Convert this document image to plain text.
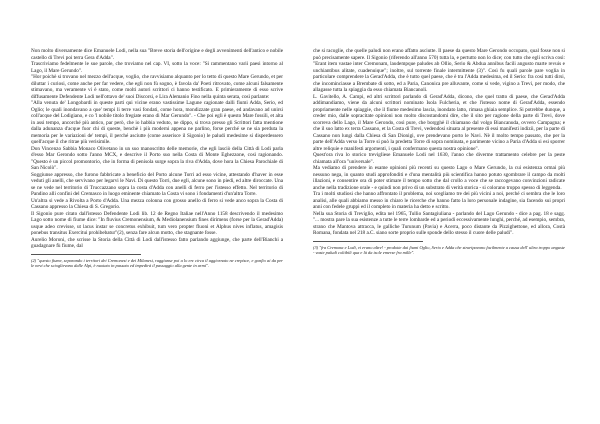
Non molto diversamente dice Emanuele Lodi, nella sua "Breve storia dell'origine e degli avvenimenti dell'antico e nobile castello di Trevi poi terra Gera d'Adda".

Trascriviamo fedelmente le sue parole, che troviamo nel cap. VI, sotto la voce: "Si rammentano varii paesi intorno al Lago, il Mare Gerundo".

"Hor poichè si trovano nel mezzo dell'acque, voglio, che ravvisiamo alquanto per lo tetto di questo Mare Gerundo, et per diluttar i curiosi, come anche per far vedere, che egli non fù sogno, è favola da' Poeti ritrovato, come alcuni falsamente stimavano, ma veramente vi è stato, come molti autori scrittori ci hanno testificato. E primieramente di esso scrive diffusamente Defendente Lodi nell'ottavo de' suoi Discorsi, e Lira Alemanio Fino nella quinta serata, così parlante:

"Alla venuta de' Longobardi in queste parti qui vicine erano vastissime Lagune cagionate dalli fiumi Adda, Serio, ed Oglio; le quali inondavano a que' tempi li terre vasi fondati, come hora, mondizzate gran paese, ed andavano ad unirsi coll'acque del Lodigiano, e co 'l nobile titolo fregiate erano di Mar Gerundo". - Che poi egli è questo Mare fossili, et alta in assi tempo, ancorché più antico, par però, che io habbia veduto, ne dippo, si trova presso gli Scrittori fatta mentione dalla adunanza d'acque fuor chi di queste, benchè i più moderni appena ne parlino, forse perché se ne sia perduta la memoria per le variazioni de' tempi, il perché asciutte (come asserisce il Sigonio) le paludi medesime si disperdessero quell'acque il che ritrae più verisimile.

Don Vincenzo Sabbia Monaco Olivetano in un suo manoscritto delle memorie, che egli lasciò della Città di Lodi parla d'esso Mar Gerondo sotto l'anno MCX, e descrive il Porto suo nella Costa di Monte Eghezzone, così ragionando. "Questo è un piccol promontorio, che in forma di penisola surge sopra la riva d'Adda, dove hora la Chiesa Parochiale di San Nicolò".

Soggiunse appresso, che furono fabbricate a beneficio del Porto alcune Torri ad esso vicine, attestando d'haver in esse veduti gli anelli, che servivano per legarvi le Navi. Di questo Torri, due egli, alcune sono in piedi, ed altre diroccate. Una se ne vede nel territorio di Truccazzano sopra la costa d'Adda con anelli di ferro per l'istesso effetto. Nel territorio di Pandino alli confini del Cremasco in luogo eminente chiamato la Costa vi sono i fondamenti d'un'altra Torre.

Un'altra si vede a Rivolta a Porto d'Adda. Una mezza colonna con grosso anello di ferro si vede anco sopra la Costa di Cassano appresso la Chiesa di S. Gregorio.

Il Sigonio pure citato dall'istesso Defendente Lodi lib. 12 de Regno Italiae nell'Anno 1158 descrivendo il medesimo Lago sotto nome di fiume dice: "In fluvius Cremonensium, & Mediolanensium fines dirimens (forse per la Gerad'Adda) usque adeo crevisse, ut lacus instar se concretus exhibuit, tum vero propter fluoni et Alphus nives inflatus, amagisis ponebus transitus Exercitui prohibebatur"(2), senza fare alcun motto, che stagnante fosse.

Aurelio Moroni, che scrisse la Storia della Città di Lodi dall'istesso fatto parlando aggiunge, che parte dell'Bianchi a guadagnare fù fiume, dal

(2) "questo fiume, separando i territori dei Cremonesi e dei Milanesi, raggiunse poi a lo erc circa il aggiornato ne crepisce, e gonfio ai da per le nevi che scioglievano dalle Alpi, è nuotato in passato ed impedirà il passaggio alla gente in armi".

che si racoglie, che quelle paludi non erano affatto asciutte. Il paese da questo Mare Gerondo occupato, qual fosse non si può precisamente sapere. Il Sigonio (riferendo all'anno 570) tutta la, e pertutto non lo dice; con tutto che egli scriva così: "Erant item vastae inter Cremonam, laudempque paludes ab Ollio, Serio & Abdua annibus facili angusto marte revuis e unchiantibus alitate, cuadenuique"; inoltre, sul torrente finale intermittente (3)". Così fu quali parole pare voglia in particolare comprendere la Gerad'Adda, che è tutto quel paese, che è tra l'Adda medesima, ed il Serio: fra così tutti dirsi, che incominciasse a Brembate di sotto, ed a Paria, Canonica pre alluvante, come si vede, vigino a Trevi, per modo, che allagasse tutta la spiaggia da esso chiamata Biancanoli.

L. Gavitello, A. Campi, ed altri scrittori parlando di Gerad'Adda, dicono, che quel tratto di paese, che Gerad'Adda addimandiamo, viene da alcuni scrittori nominato Isola Fulcheria, et che l'istesso nome di Gerad'Adda, essendo propriamente nelle spiaggie, che il fiume medesimo lascia, inondato latto, rimasa ghiaia semplice. Si potrebbe dunque, a creder mio, dalle sopracitate opinioni non molto discostandomi dire, che il sito per ragione della parte di Trevi, dove scorreva dello Lago, il Mare Gerondo, così pure, che borgghè il chiamano dal volgo Biancanuda, ovvero Campagna; e che il suo latto ex terra Cassano, et la Costa di Trevi, vedendosi situata al presente di essi manifesti indizii, per la parte di Cassano non lungi dalla Chiesa di San Dionigi, ove prendevano porto le Navi. Nè il molto tempo passato, che per la parte dell'Adda verso la Torre si può la predetta Torre di sopra nominata, e parimente vicino a Paria d'Adda si esi sporrer altre reliquie e manifesti argomenti, i quali confermano questa nostra opinione".

Quest'ora riva lo storico trevigliese Emanuele Lodi nel 1630, l'anno che diverme trattamento celebre per la peste chiamata all'ora "universale".

Ma vediamo di prendere in esame opinioni più recenti su questo Lago o Mare Gerundo, la cui esistenza ormai più nessuno nega, in quanto studi approfonditi e d'una mentalità più scientifica hanno potuto sgombrare il campo da molti illazioni, e consentire ora di poter stimare il tempo sotto che dal crollo a voce che se raccogevano convinzioni radicate anche nella tradizione orale - e quindi non privo di un substrato di verità storica - si colorano troppo spesso di leggenda.

Tra i molti studiosi che hanno affrontato il problema, noi scegliamo tre dei più vicini a noi, perché ci sembra che le loro analisi, alle quali abbiamo messo in chiaro le ricerche che hanno fatto la loro personale indagine, sia facendo sui propri anni con fedele gruppi ed il completo in materia ha detto e scritto.

Nella sua Storia di Treviglio, edita nel 1965, Tullio Santagiuliana - parlando del Lago Gerundo - dice a pag. 18 e sagg. "... mostra pare la sua esistenze a tutte le terre lombarde ed a periodi eccessivamente lunghi, perché, ad esempio, sembra, strano che Mantova attracca, le galliche Turunum (Pavia) e Acerra, poco distante da Pizzighettone, ed allora, Costà Romana, fondata nel 218 a.C. siano sorte proprio sulle sponde dello stesso il cuore delle paludi".

(3) "fra Cremona e Lodi, vi erano altre! - prodotte dai fiumi Oglio, Serio e Adda che straripavano facilmente a causa dell' ultra troppo anguste - vaste paludi coltibili qua e là da isole emerse fra mille".
